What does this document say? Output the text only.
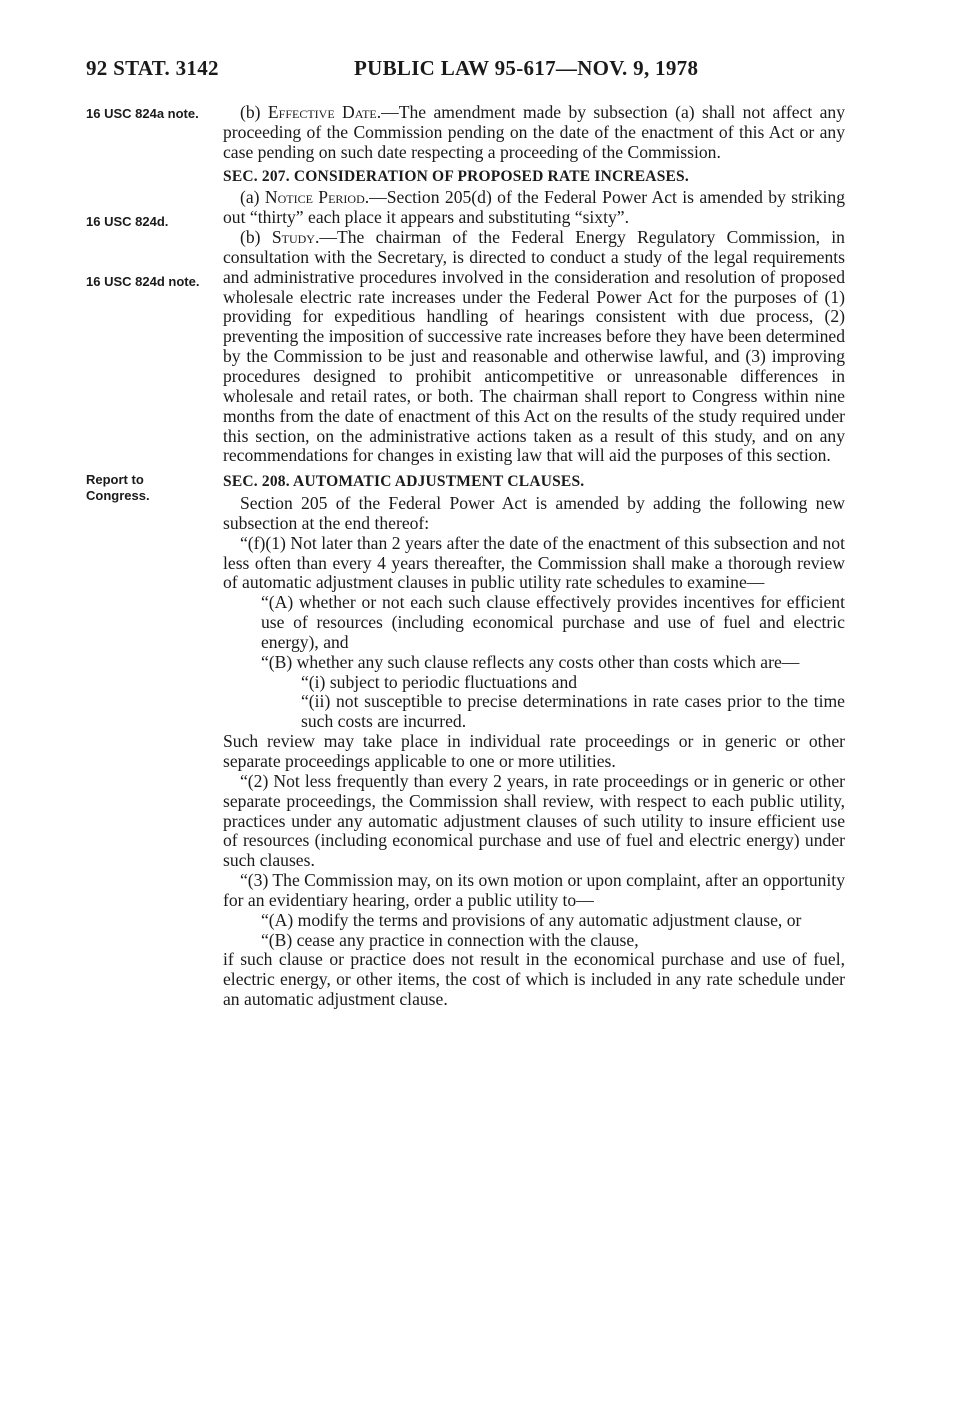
92 STAT. 3142	PUBLIC LAW 95-617—NOV. 9, 1978
16 USC 824a note.
16 USC 824d.
16 USC 824d note.
Report to Congress.

(b) Effective Date.—The amendment made by subsection (a) shall not affect any proceeding of the Commission pending on the date of the enactment of this Act or any case pending on such date respecting a proceeding of the Commission.

SEC. 207. CONSIDERATION OF PROPOSED RATE INCREASES.

(a) Notice Period.—Section 205(d) of the Federal Power Act is amended by striking out “thirty” each place it appears and substituting “sixty”.

(b) Study.—The chairman of the Federal Energy Regulatory Commission, in consultation with the Secretary, is directed to conduct a study of the legal requirements and administrative procedures involved in the consideration and resolution of proposed wholesale electric rate increases under the Federal Power Act for the purposes of (1) providing for expeditious handling of hearings consistent with due process, (2) preventing the imposition of successive rate increases before they have been determined by the Commission to be just and reasonable and otherwise lawful, and (3) improving procedures designed to prohibit anticompetitive or unreasonable differences in wholesale and retail rates, or both. The chairman shall report to Congress within nine months from the date of enactment of this Act on the results of the study required under this section, on the administrative actions taken as a result of this study, and on any recommendations for changes in existing law that will aid the purposes of this section.

SEC. 208. AUTOMATIC ADJUSTMENT CLAUSES.

Section 205 of the Federal Power Act is amended by adding the following new subsection at the end thereof:

“(f)(1) Not later than 2 years after the date of the enactment of this subsection and not less often than every 4 years thereafter, the Commission shall make a thorough review of automatic adjustment clauses in public utility rate schedules to examine—

“(A) whether or not each such clause effectively provides incentives for efficient use of resources (including economical purchase and use of fuel and electric energy), and

“(B) whether any such clause reflects any costs other than costs which are—

“(i) subject to periodic fluctuations and

“(ii) not susceptible to precise determinations in rate cases prior to the time such costs are incurred.

Such review may take place in individual rate proceedings or in generic or other separate proceedings applicable to one or more utilities.

“(2) Not less frequently than every 2 years, in rate proceedings or in generic or other separate proceedings, the Commission shall review, with respect to each public utility, practices under any automatic adjustment clauses of such utility to insure efficient use of resources (including economical purchase and use of fuel and electric energy) under such clauses.

“(3) The Commission may, on its own motion or upon complaint, after an opportunity for an evidentiary hearing, order a public utility to—

“(A) modify the terms and provisions of any automatic adjustment clause, or

“(B) cease any practice in connection with the clause,

if such clause or practice does not result in the economical purchase and use of fuel, electric energy, or other items, the cost of which is included in any rate schedule under an automatic adjustment clause.
